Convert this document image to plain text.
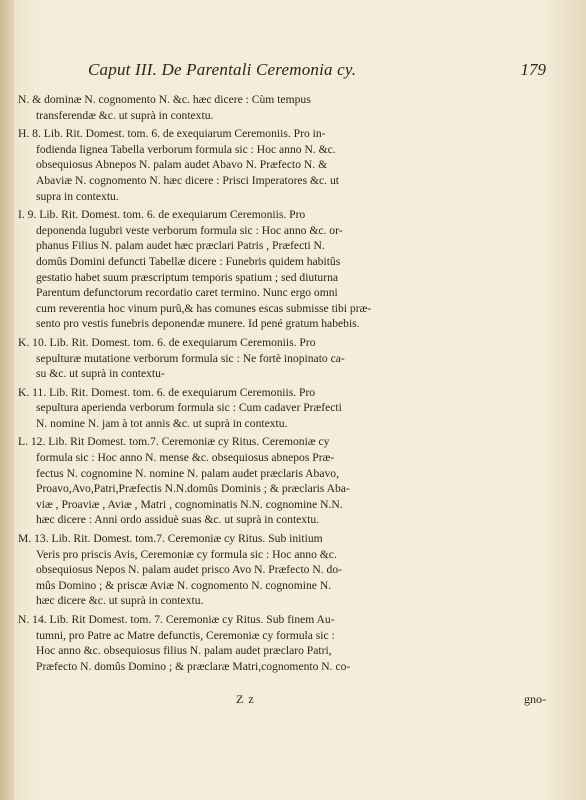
Caput III. De Parentali Ceremonia cy.	179
N. & dominæ N. cognomento N. &c. hæc dicere : Cùm tempus
transferendæ &c. ut suprà in contextu.
H. 8. Lib. Rit. Domest. tom. 6. de exequiarum Ceremoniis. Pro in-
fodienda lignea Tabella verborum formula sic : Hoc anno N. &c.
obsequiosus Abnepos N. palam audet Abavo N. Præfecto N. &
Abaviæ N. cognomento N. hæc dicere : Prisci Imperatores &c. ut
supra in contextu.
I. 9. Lib. Rit. Domest. tom. 6. de exequiarum Ceremoniis. Pro
deponenda lugubri veste verborum formula sic : Hoc anno &c. or-
phanus Filius N. palam audet hæc præclari Patris , Præfecti N.
domûs Domini defuncti Tabellæ dicere : Funebris quidem habitûs
gestatio habet suum præscriptum temporis spatium ; sed diuturna
Parentum defunctorum recordatio caret termino. Nunc ergo omni
cum reverentia hoc vinum purũ,& has comunes escas submisse tibi præ-
sento pro vestis funebris deponendæ munere. Id pené gratum habebis.
K. 10. Lib. Rit. Domest. tom. 6. de exequiarum Ceremoniis. Pro
sepulturæ mutatione verborum formula sic : Ne fortè inopinato ca-
su &c. ut suprà in contextu-
K. 11. Lib. Rit. Domest. tom. 6. de exequiarum Ceremoniis. Pro
sepultura aperienda verborum formula sic : Cum cadaver Præfecti
N. nomine N. jam à tot annis &c. ut suprà in contextu.
L. 12. Lib. Rit Domest. tom.7. Ceremoniæ cy Ritus. Ceremoniæ cy
formula sic : Hoc anno N. mense &c. obsequiosus abnepos Præ-
fectus N. cognomine N. nomine N. palam audet præclaris Abavo,
Proavo,Avo,Patri,Præfectis N.N.domûs Dominis ; & præclaris Aba-
viæ , Proaviæ , Aviæ , Matri , cognominatis N.N. cognomine N.N.
hæc dicere : Anni ordo assiduè suas &c. ut suprà in contextu.
M. 13. Lib. Rit. Domest. tom.7. Ceremoniæ cy Ritus. Sub initium
Veris pro priscis Avis, Ceremoniæ cy formula sic : Hoc anno &c.
obsequiosus Nepos N. palam audet prisco Avo N. Præfecto N. do-
mûs Domino ; & priscæ Aviæ N. cognomento N. cognomine N.
hæc dicere &c. ut suprà in contextu.
N. 14. Lib. Rit Domest. tom. 7. Ceremoniæ cy Ritus. Sub finem Au-
tumni, pro Patre ac Matre defunctis, Ceremoniæ cy formula sic :
Hoc anno &c. obsequiosus filius N. palam audet præclaro Patri,
Præfecto N. domûs Domino ; & præclaræ Matri,cognomento N. co-
Z z	gno-
